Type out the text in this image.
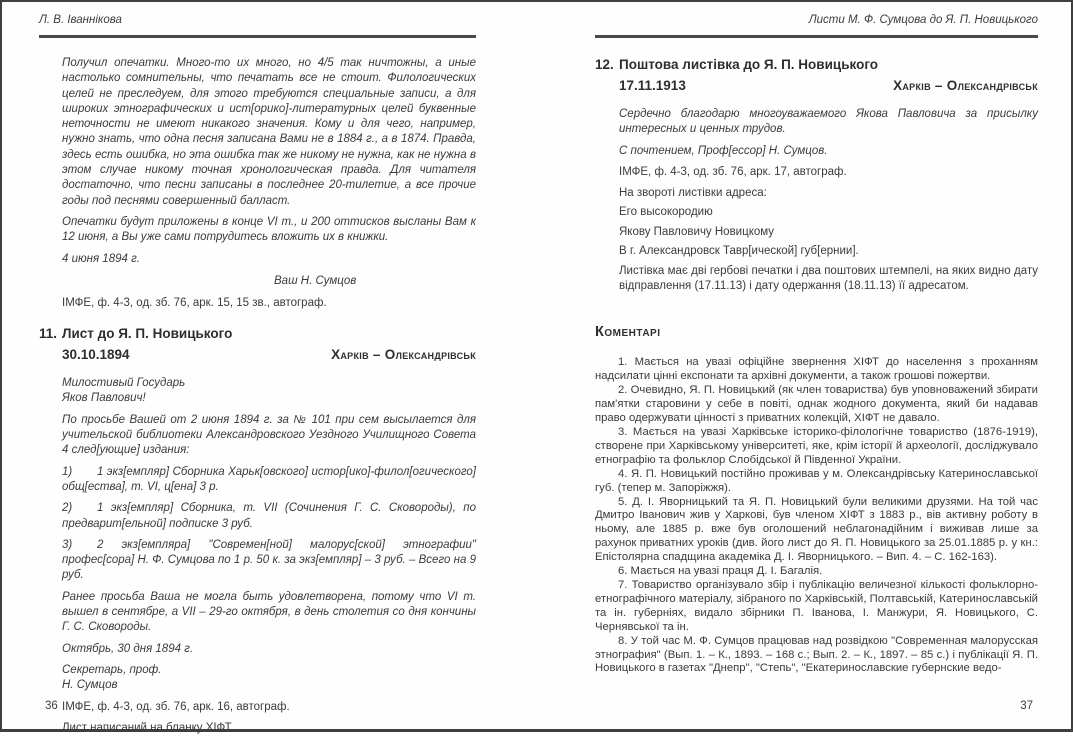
Л. В. Іваннікова

Получил опечатки. Много-то их много, но 4/5 так ничтожны, а иные настолько сомнительны, что печатать все не стоит. Филологических целей не преследуем, для этого требуются специальные записи, а для широких этнографических и ист[орико]-литературных целей буквенные неточности не имеют никакого значения. Кому и для чего, например, нужно знать, что одна песня записана Вами не в 1884 г., а в 1874. Правда, здесь есть ошибка, но эта ошибка так же никому не нужна, как не нужна в этом случае никому точная хронологическая правда. Для читателя достаточно, что песни записаны в последнее 20-тилетие, а все прочие годы под песнями совершенный балласт.

Опечатки будут приложены в конце VI т., и 200 оттисков высланы Вам к 12 июня, а Вы уже сами потрудитесь вложить их в книжки.

4 июня 1894 г.

Ваш Н. Сумцов

ІМФЕ, ф. 4-3, од. зб. 76, арк. 15, 15 зв., автограф.

11. Лист до Я. П. Новицького
30.10.1894	Харків – Олександрівськ

Милостивый Государь

Яков Павлович!

По просьбе Вашей от 2 июня 1894 г. за № 101 при сем высылается для учительской библиотеки Александровского Уездного Училищного Совета 4 след[ующие] издания:

1) 1 экз[емпляр] Сборника Харьк[овского] истор[ико]-филол[огического] общ[ества], т. VI, ц[ена] 3 р.

2) 1 экз[емпляр] Сборника, т. VII (Сочинения Г. С. Сковороды), по предварит[ельной] подписке 3 руб.

3) 2 экз[емпляра] "Современ[ной] малорус[ской] этнографии" профес[сора] Н. Ф. Сумцова по 1 р. 50 к. за экз[емпляр] – 3 руб. – Всего на 9 руб.

Ранее просьба Ваша не могла быть удовлетворена, потому что VI т. вышел в сентябре, а VII – 29-го октября, в день столетия со дня кончины Г. С. Сковороды.

Октябрь, 30 дня 1894 г.

Секретарь, проф.

Н. Сумцов

ІМФЕ, ф. 4-3, од. зб. 76, арк. 16, автограф.

Лист написаний на бланку ХІФТ.

36
Листи М. Ф. Сумцова до Я. П. Новицького
12. Поштова листівка до Я. П. Новицького
17.11.1913	Харків – Олександрівськ

Сердечно благодарю многоуважаемого Якова Павловича за присылку интересных и ценных трудов.

С почтением, Проф[ессор] Н. Сумцов.

ІМФЕ, ф. 4-3, од. зб. 76, арк. 17, автограф.

На звороті листівки адреса:

Его высокородию

Якову Павловичу Новицкому

В г. Александровск Тавр[ической] губ[ернии].

Листівка має дві гербові печатки і два поштових штемпелі, на яких видно дату відправлення (17.11.13) і дату одержання (18.11.13) її адресатом.

Коментарі

1. Мається на увазі офіційне звернення ХІФТ до населення з проханням надсилати цінні експонати та архівні документи, а також грошові пожертви.

2. Очевидно, Я. П. Новицький (як член товариства) був уповноважений збирати пам'ятки старовини у себе в повіті, однак жодного документа, який би надавав право одержувати цінності з приватних колекцій, ХІФТ не давало.

3. Мається на увазі Харківське історико-філологічне товариство (1876-1919), створене при Харківському університеті, яке, крім історії й археології, досліджувало етнографію та фольклор Слобідської й Південної України.

4. Я. П. Новицький постійно проживав у м. Олександрівську Катеринославської губ. (тепер м. Запоріжжя).

5. Д. І. Яворницький та Я. П. Новицький були великими друзями. На той час Дмитро Іванович жив у Харкові, був членом ХІФТ з 1883 р., вів активну роботу в ньому, але 1885 р. вже був оголошений неблагонадійним і виживав лише за рахунок приватних уроків (див. його лист до Я. П. Новицького за 25.01.1885 р. у кн.: Епістолярна спадщина академіка Д. І. Яворницького. – Вип. 4. – С. 162-163).

6. Мається на увазі праця Д. І. Багалія.

7. Товариство організувало збір і публікацію величезної кількості фольклорно-етнографічного матеріалу, зібраного по Харківській, Полтавській, Катеринославській та ін. губерніях, видало збірники П. Іванова, І. Манжури, Я. Новицького, С. Чернявської та ін.

8. У той час М. Ф. Сумцов працював над розвідкою "Современная малорусская этнография" (Вып. 1. – К., 1893. – 168 с.; Вып. 2. – К., 1897. – 85 с.) і публікації Я. П. Новицького в газетах "Днепр", "Степь", "Екатеринославские губернские ведо-

37
